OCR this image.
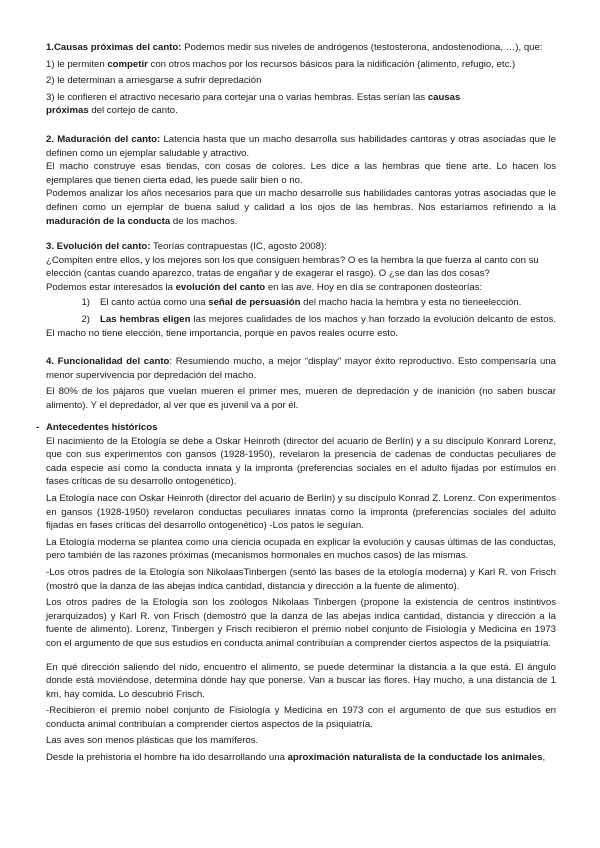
1.Causas próximas del canto: Podemos medir sus niveles de andrógenos (testosterona, andostenodiona, …), que:

1) le permiten competir con otros machos por los recursos básicos para la nidificación (alimento, refugio, etc.)

2) le determinan a arriesgarse a sufrir depredación

3) le confieren el atractivo necesario para cortejar una o varias hembras. Estas serían las causas
próximas del cortejo de canto.

2. Maduración del canto: Latencia hasta que un macho desarrolla sus habilidades cantoras y otras asociadas que le definen como un ejemplar saludable y atractivo.

El macho construye esas tiendas, con cosas de colores. Les dice a las hembras que tiene arte. Lo hacen los ejemplares que tienen cierta edad, les puede salir bien o no.

Podemos analizar los años necesarios para que un macho desarrolle sus habilidades cantoras yotras asociadas que le definen como un ejemplar de buena salud y calidad a los ojos de las hembras. Nos estaríamos refiriendo a la maduración de la conducta de los machos.

3. Evolución del canto: Teorías contrapuestas (IC, agosto 2008):

¿Compiten entre ellos, y los mejores son los que consiguen hembras? O es la hembra la que fuerza al canto con su elección (cantas cuando aparezco, tratas de engañar y de exagerar el rasgo). O ¿se dan las dos cosas?

Podemos estar interesados la evolución del canto en las ave. Hoy en día se contraponen dosteorías:

1) El canto actúa como una señal de persuasión del macho hacia la hembra y esta no tieneelección.

2) Las hembras eligen las mejores cualidades de los machos y han forzado la evolución delcanto de estos. El macho no tiene elección, tiene importancia, porque en pavos reales ocurre esto.

4. Funcionalidad del canto: Resumiendo mucho, a mejor “display” mayor éxito reproductivo. Esto compensaría una menor supervivencia por depredación del macho.

El 80% de los pájaros que vuelan mueren el primer mes, mueren de depredación y de inanición (no saben buscar alimento). Y el depredador, al ver que es juvenil va a por él.

- Antecedentes históricos

El nacimiento de la Etología se debe a Oskar Heinroth (director del acuario de Berlín) y a su discípulo Konrard Lorenz, que con sus experimentos con gansos (1928-1950), revelaron la presencia de cadenas de conductas peculiares de cada especie así como la conducta innata y la impronta (preferencias sociales en el adulto fijadas por estímulos en fases críticas de su desarrollo ontogenético).

La Etología nace con Oskar Heinroth (director del acuario de Berlín) y su discípulo Konrad Z. Lorenz. Con experimentos en gansos (1928-1950) revelaron conductas peculiares innatas como la impronta (preferencias sociales del adulto fijadas en fases críticas del desarrollo ontogenético) -Los patos le seguían.

La Etología moderna se plantea como una ciencia ocupada en explicar la evolución y causas últimas de las conductas, pero también de las razones próximas (mecanismos hormonales en muchos casos) de las mismas.

-Los otros padres de la Etología son NikolaasTinbergen (sentó las bases de la etología moderna) y Karl R. von Frisch (mostró que la danza de las abejas indica cantidad, distancia y dirección a la fuente de alimento).

Los otros padres de la Etología son los zoólogos Nikolaas Tinbergen (propone la existencia de centros instintivos jerarquizados) y Karl R. von Frisch (demostró que la danza de las abejas indica cantidad, distancia y dirección a la fuente de alimento). Lorenz, Tinbergen y Frisch recibieron el premio nobel conjunto de Fisiología y Medicina en 1973 con el argumento de que sus estudios en conducta animal contribuían a comprender ciertos aspectos de la psiquiatría.

En qué dirección saliendo del nido, encuentro el alimento, se puede determinar la distancia a la que está. El ángulo donde está moviéndose, determina dónde hay que ponerse. Van a buscar las flores. Hay mucho, a una distancia de 1 km, hay comida. Lo descubrió Frisch.

-Recibieron el premio nobel conjunto de Fisiología y Medicina en 1973 con el argumento de que sus estudios en conducta animal contribuían a comprender ciertos aspectos de la psiquiatría.

Las aves son menos plásticas que los mamíferos.

Desde la prehistoria el hombre ha ido desarrollando una aproximación naturalista de la conductade los animales,
